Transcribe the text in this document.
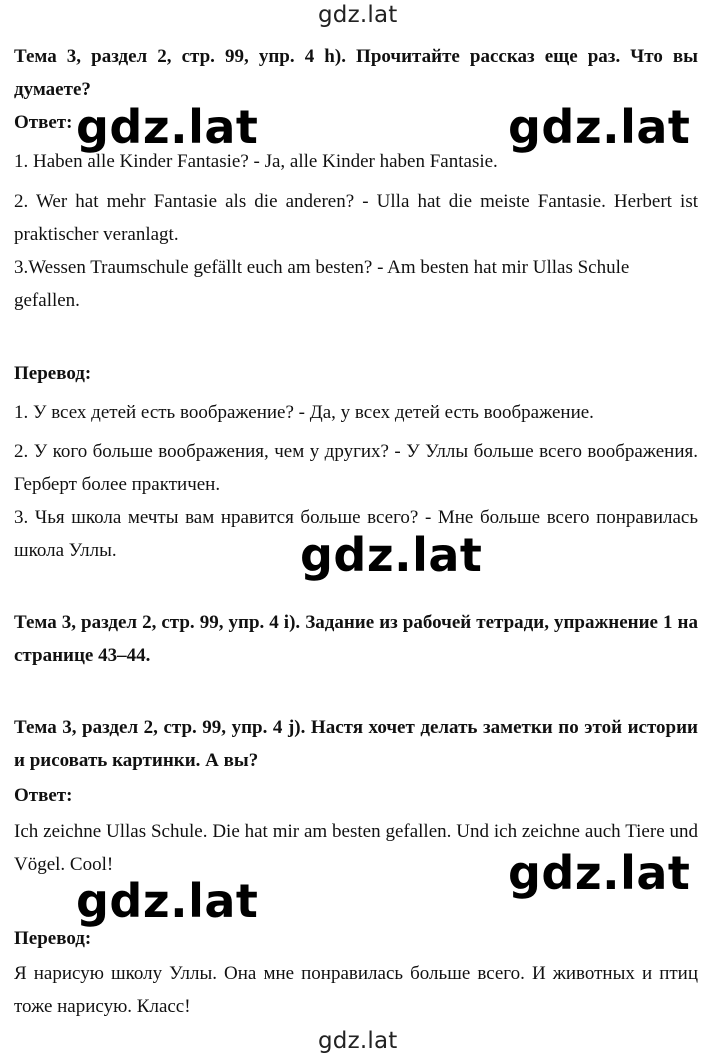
gdz.lat

Тема 3, раздел 2, стр. 99, упр. 4 h). Прочитайте рассказ еще раз. Что вы думаете?

Ответ:

1. Haben alle Kinder Fantasie? - Ja, alle Kinder haben Fantasie.

2. Wer hat mehr Fantasie als die anderen? - Ulla hat die meiste Fantasie. Herbert ist praktischer veranlagt.

3.Wessen Traumschule gefällt euch am besten? - Am besten hat mir Ullas Schule gefallen.

Перевод:

1. У всех детей есть воображение? - Да, у всех детей есть воображение.

2. У кого больше воображения, чем у других? - У Уллы больше всего воображения. Герберт более практичен.

3. Чья школа мечты вам нравится больше всего? - Мне больше всего понравилась школа Уллы.

Тема 3, раздел 2, стр. 99, упр. 4 i). Задание из рабочей тетради, упражнение 1 на странице 43–44.

Тема 3, раздел 2, стр. 99, упр. 4 j). Настя хочет делать заметки по этой истории и рисовать картинки. А вы?

Ответ:

Ich zeichne Ullas Schule. Die hat mir am besten gefallen. Und ich zeichne auch Tiere und Vögel. Cool!

Перевод:

Я нарисую школу Уллы. Она мне понравилась больше всего. И животных и птиц тоже нарисую. Класс!

gdz.lat	gdz.lat
gdz.lat
gdz.lat
gdz.lat
gdz.lat
